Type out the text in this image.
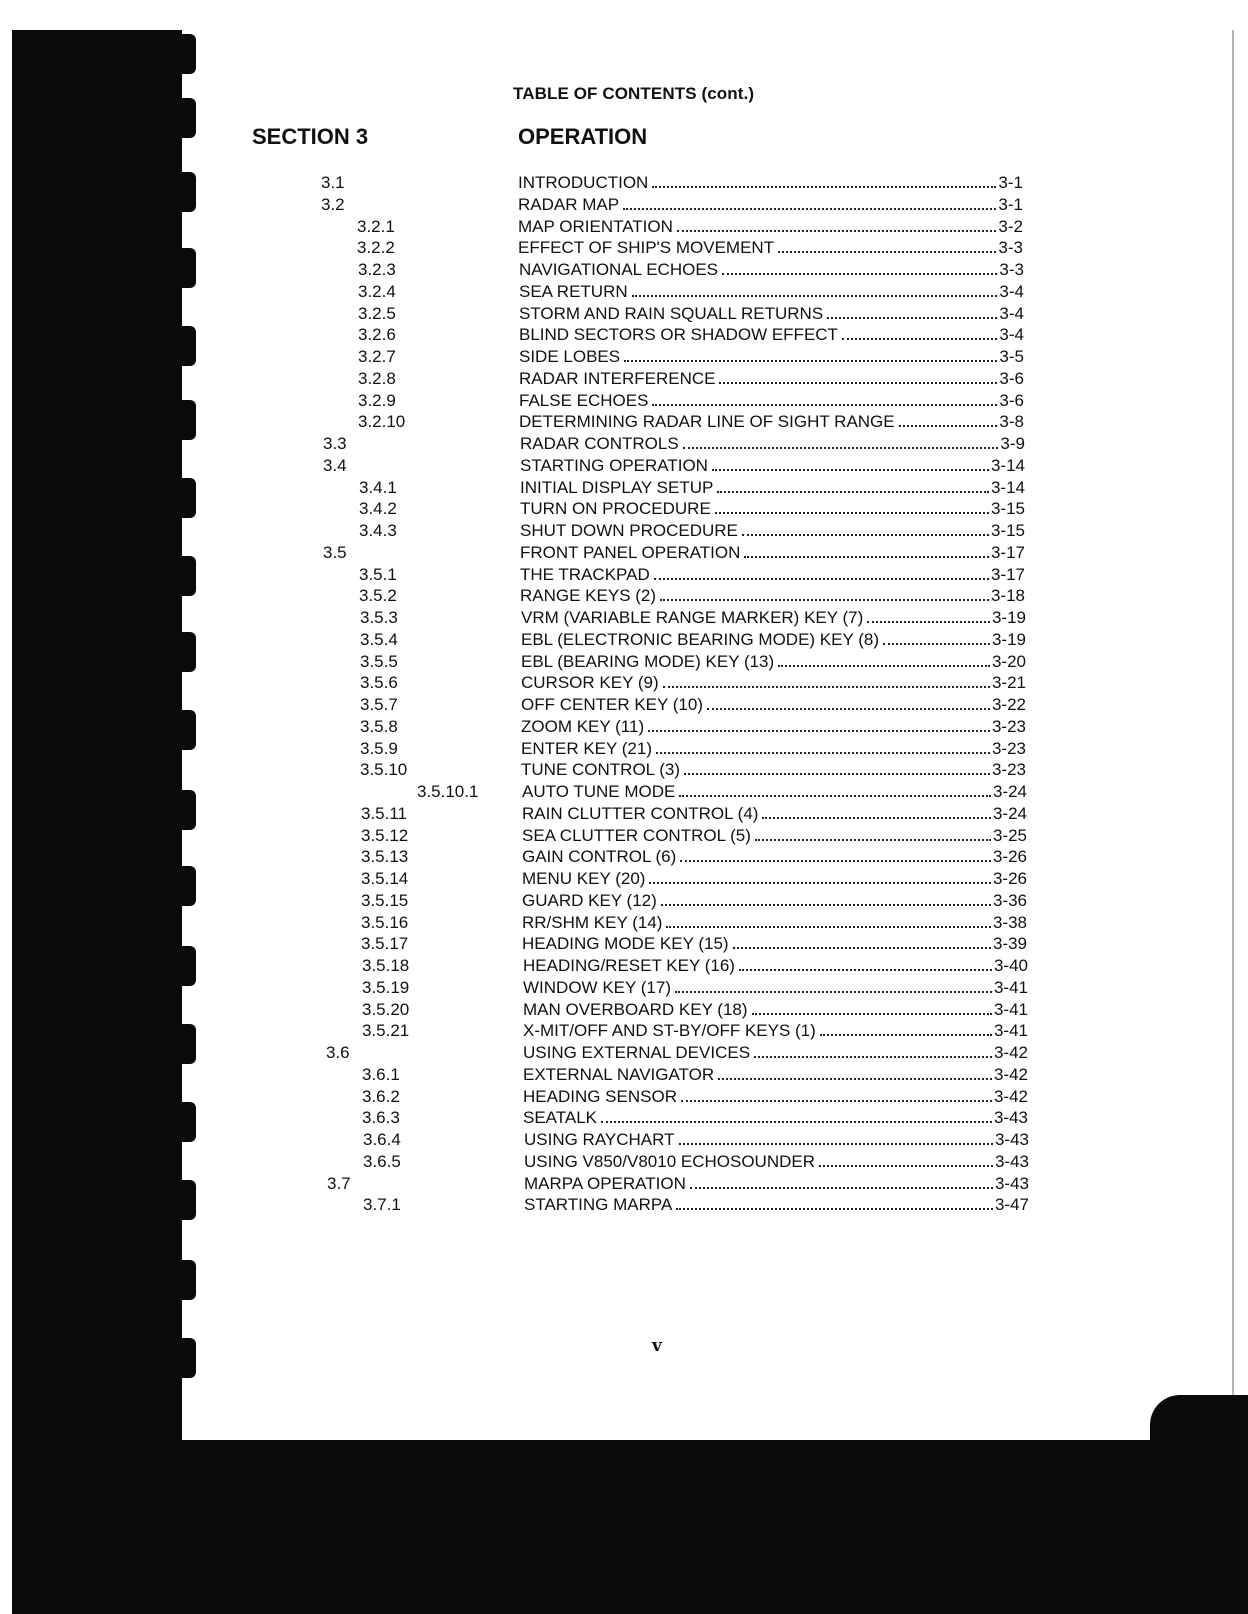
TABLE OF CONTENTS (cont.)
SECTION 3	OPERATION
3.1	INTRODUCTION	3-1
3.2	RADAR MAP	3-1
3.2.1	MAP ORIENTATION	3-2
3.2.2	EFFECT OF SHIP'S MOVEMENT	3-3
3.2.3	NAVIGATIONAL ECHOES	3-3
3.2.4	SEA RETURN	3-4
3.2.5	STORM AND RAIN SQUALL RETURNS	3-4
3.2.6	BLIND SECTORS OR SHADOW EFFECT	3-4
3.2.7	SIDE LOBES	3-5
3.2.8	RADAR INTERFERENCE	3-6
3.2.9	FALSE ECHOES	3-6
3.2.10	DETERMINING RADAR LINE OF SIGHT RANGE	3-8
3.3	RADAR CONTROLS	3-9
3.4	STARTING OPERATION	3-14
3.4.1	INITIAL DISPLAY SETUP	3-14
3.4.2	TURN ON PROCEDURE	3-15
3.4.3	SHUT DOWN PROCEDURE	3-15
3.5	FRONT PANEL OPERATION	3-17
3.5.1	THE TRACKPAD	3-17
3.5.2	RANGE KEYS (2)	3-18
3.5.3	VRM (VARIABLE RANGE MARKER) KEY (7)	3-19
3.5.4	EBL (ELECTRONIC BEARING MODE) KEY (8)	3-19
3.5.5	EBL (BEARING MODE) KEY (13)	3-20
3.5.6	CURSOR KEY (9)	3-21
3.5.7	OFF CENTER KEY (10)	3-22
3.5.8	ZOOM KEY (11)	3-23
3.5.9	ENTER KEY (21)	3-23
3.5.10	TUNE CONTROL (3)	3-23
3.5.10.1	AUTO TUNE MODE	3-24
3.5.11	RAIN CLUTTER CONTROL (4)	3-24
3.5.12	SEA CLUTTER CONTROL (5)	3-25
3.5.13	GAIN CONTROL (6)	3-26
3.5.14	MENU KEY (20)	3-26
3.5.15	GUARD KEY (12)	3-36
3.5.16	RR/SHM KEY (14)	3-38
3.5.17	HEADING MODE KEY (15)	3-39
3.5.18	HEADING/RESET KEY (16)	3-40
3.5.19	WINDOW KEY (17)	3-41
3.5.20	MAN OVERBOARD KEY (18)	3-41
3.5.21	X-MIT/OFF AND ST-BY/OFF KEYS (1)	3-41
3.6	USING EXTERNAL DEVICES	3-42
3.6.1	EXTERNAL NAVIGATOR	3-42
3.6.2	HEADING SENSOR	3-42
3.6.3	SEATALK	3-43
3.6.4	USING RAYCHART	3-43
3.6.5	USING V850/V8010 ECHOSOUNDER	3-43
3.7	MARPA OPERATION	3-43
3.7.1	STARTING MARPA	3-47
v
